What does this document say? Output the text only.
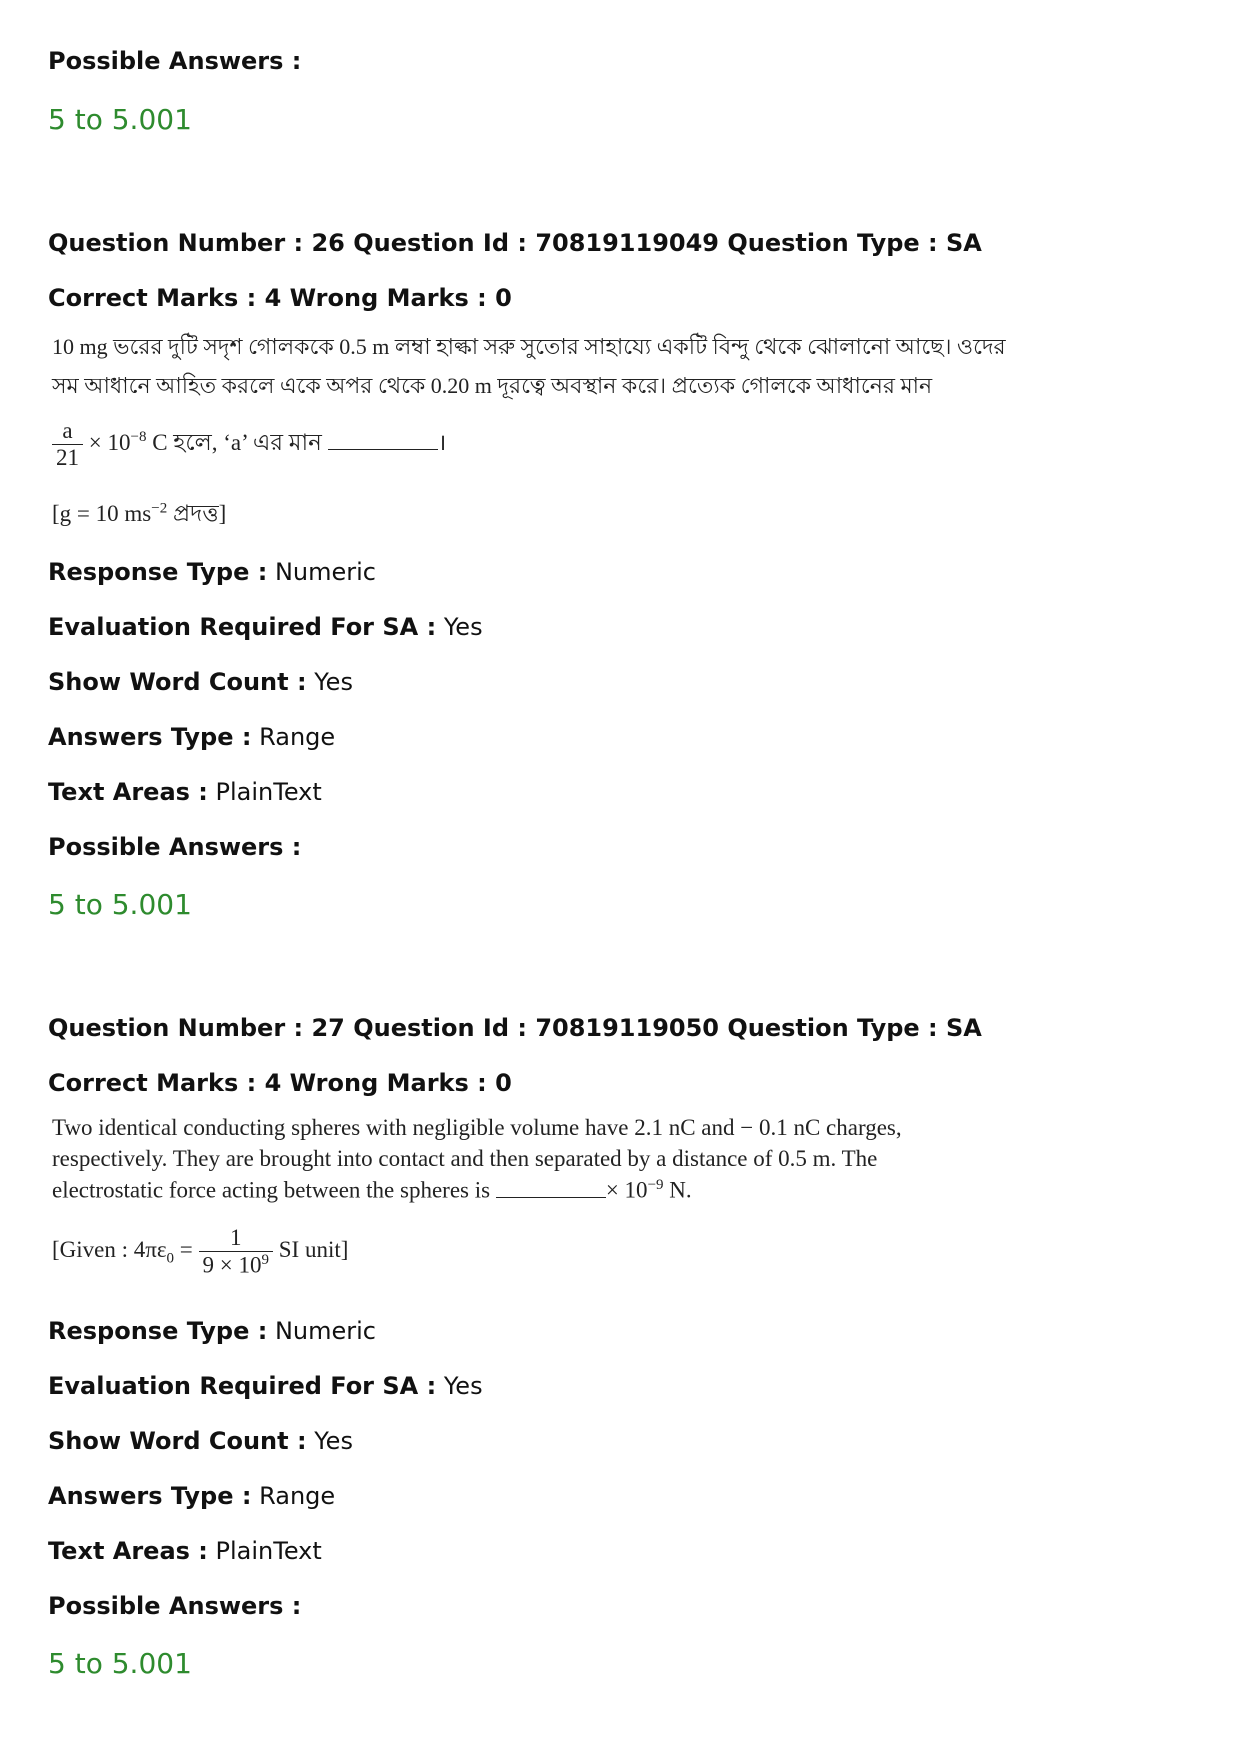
Possible Answers :
5 to 5.001
Question Number : 26 Question Id : 70819119049 Question Type : SA
Correct Marks : 4 Wrong Marks : 0
10 mg ভরের দুটি সদৃশ গোলককে 0.5 m লম্বা হাল্কা সরু সুতোর সাহায্যে একটি বিন্দু থেকে ঝোলানো আছে। ওদের
সম আধানে আহিত করলে একে অপর থেকে 0.20 m দূরত্বে অবস্থান করে। প্রত্যেক গোলকে আধানের মান
$\frac{a}{21} \times 10^{-8}$ C হলে, ‘a’ এর মান	।
[g = 10 $ms^{-2}$ প্রদত্ত]
Response Type : Numeric
Evaluation Required For SA : Yes
Show Word Count : Yes
Answers Type : Range
Text Areas : PlainText
Possible Answers :
5 to 5.001
Question Number : 27 Question Id : 70819119050 Question Type : SA
Correct Marks : 4 Wrong Marks : 0
Two identical conducting spheres with negligible volume have 2.1 nC and − 0.1 nC charges,
respectively. They are brought into contact and then separated by a distance of 0.5 m. The
electrostatic force acting between the spheres is	× $10^{-9}$ N.
[Given : $4\pi\varepsilon_0 = \frac{1}{9 \times 10^9}$ SI unit]
Response Type : Numeric
Evaluation Required For SA : Yes
Show Word Count : Yes
Answers Type : Range
Text Areas : PlainText
Possible Answers :
5 to 5.001
